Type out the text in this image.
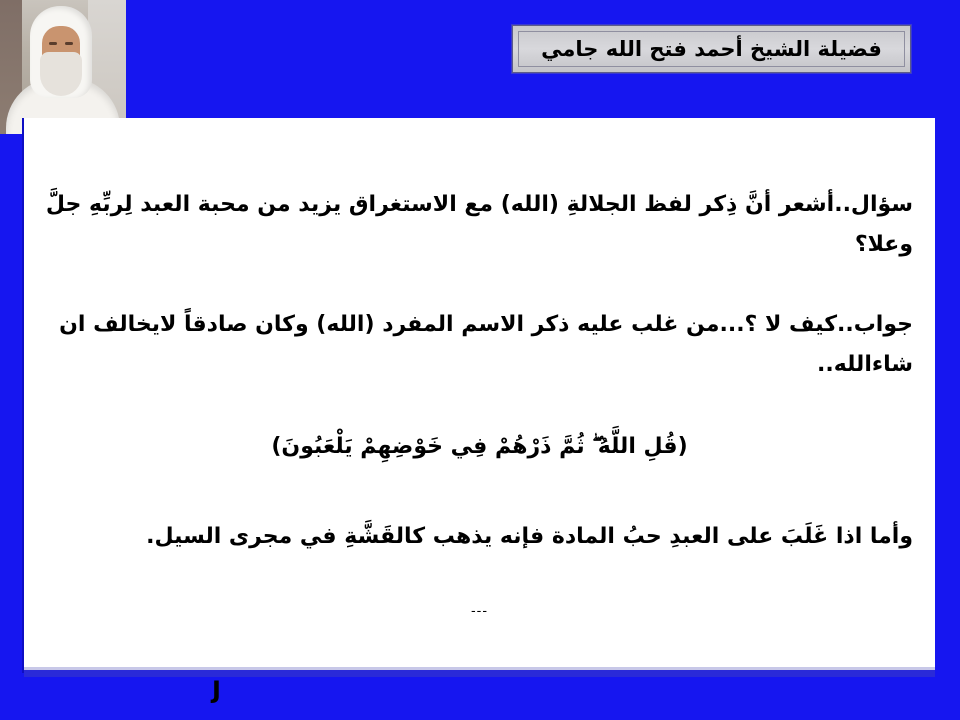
فضيلة الشيخ أحمد فتح الله جامي

سؤال..أشعر أنَّ ذِكر لفظ الجلالةِ (الله) مع الاستغراق يزيد من محبة العبد لِربِّهِ جلَّ وعلا؟

جواب..كيف لا ؟...من غلب عليه ذكر الاسم المفرد (الله) وكان صادقاً لايخالف ان شاءالله..

(قُلِ اللَّهُ ۖ ثُمَّ ذَرْهُمْ فِي خَوْضِهِمْ يَلْعَبُونَ)

وأما اذا غَلَبَ على العبدِ حبُ المادة فإنه يذهب كالقَشَّةِ في مجرى السيل.

---
J
